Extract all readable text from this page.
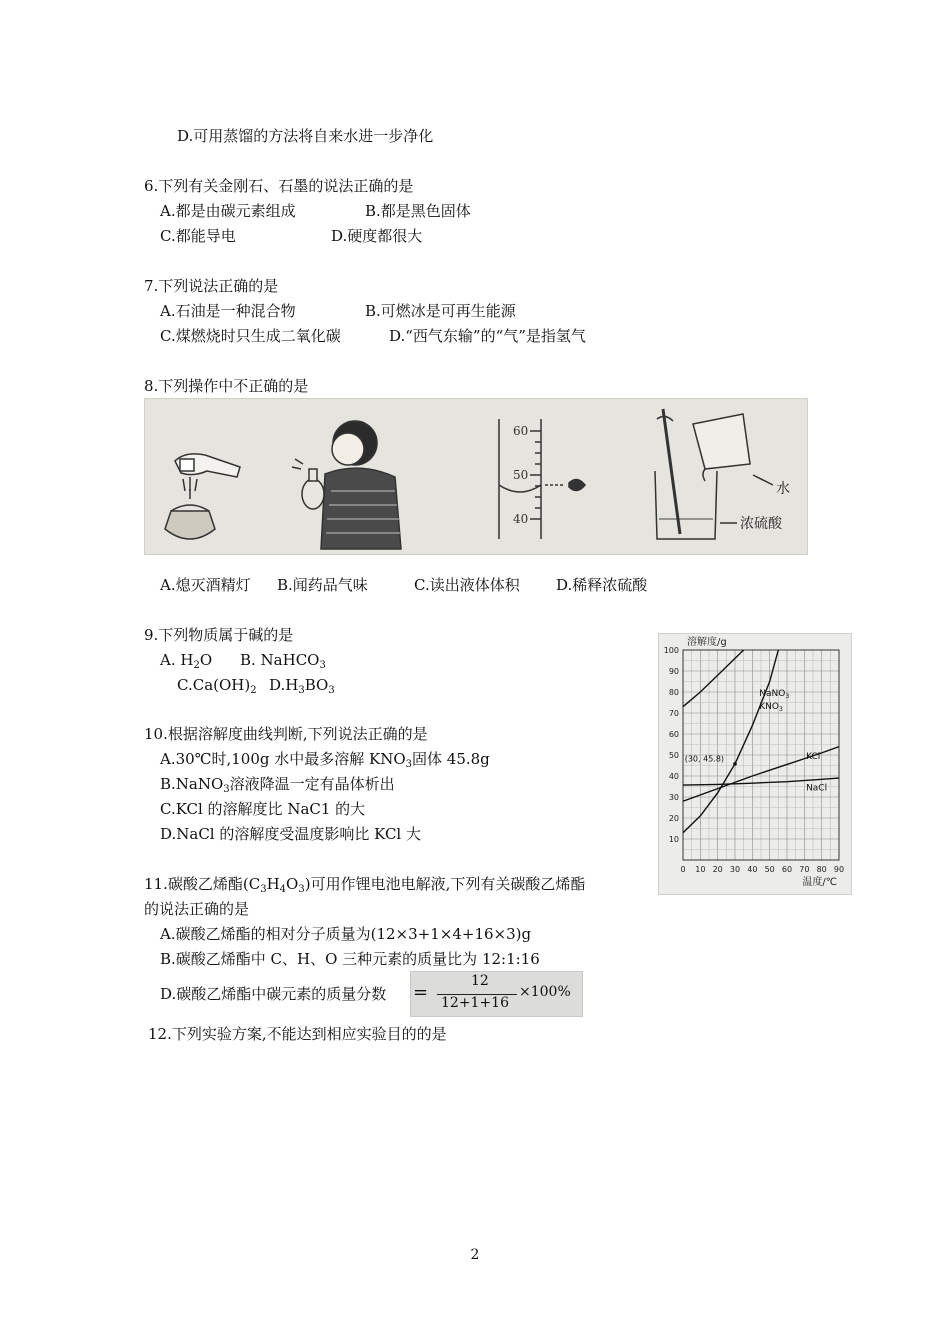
D.可用蒸馏的方法将自来水进一步净化
6.下列有关金刚石、石墨的说法正确的是
A.都是由碳元素组成	B.都是黑色固体
C.都能导电	D.硬度都很大
7.下列说法正确的是
A.石油是一种混合物	B.可燃冰是可再生能源
C.煤燃烧时只生成二氧化碳	D.“西气东输”的“气”是指氢气
8.下列操作中不正确的是
60
50
40
水
浓硫酸
A.熄灭酒精灯 B.闻药品气味	C.读出液体体积 D.稀释浓硫酸
9.下列物质属于碱的是
A. $H_2O$ B. NaHCO$_3$
$C.Ca(OH)_2$ $D.H_3BO_3$
10.根据溶解度曲线判断,下列说法正确的是
A.30℃时,100g 水中最多溶解 $KNO_3$固体 45.8g
B.NaNO$_3$溶液降温一定有晶体析出
C.KCl 的溶解度比 NaC1 的大
D.NaCl 的溶解度受温度影响比 KCl 大	10
20
30
40
50
60
70
80
90
100
0 10 20 30 40 50 60 70 80 90
溶解度/g
温度/℃
NaNO$_3$
$KNO_3$
KCl
NaCl
(30, 45.8)
11.碳酸乙烯酯$(C_3H_4O_3)$可用作锂电池电解液,下列有关碳酸乙烯酯
的说法正确的是
A.碳酸乙烯酯的相对分子质量为(12×3+1×4+16×3)g
B.碳酸乙烯酯中 C、H、O 三种元素的质量比为 12:1:16
D.碳酸乙烯酯中碳元素的质量分数 =
12
12+1+16
×100%
12.下列实验方案,不能达到相应实验目的的是
2
